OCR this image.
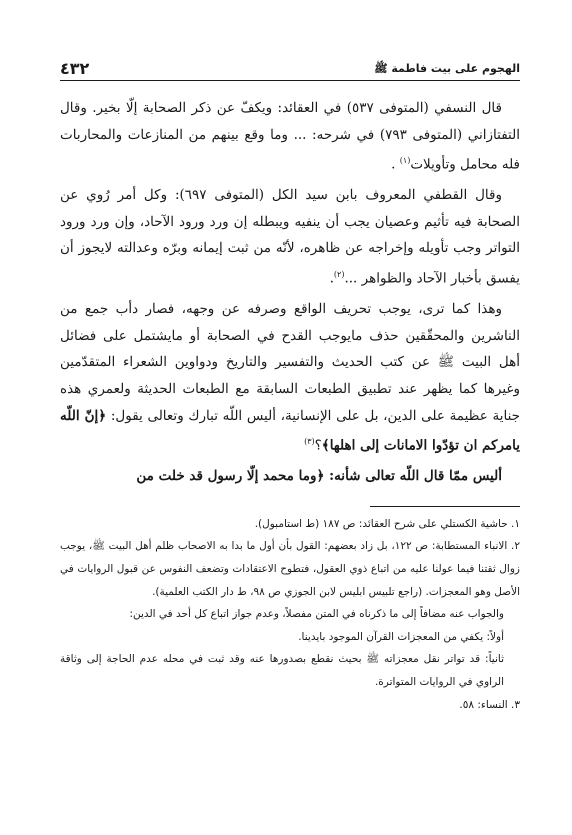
الهجوم على بيت فاطمة ﷺ
٤٣٢

قال النسفي (المتوفى ٥٣٧) في العقائد: ويكفّ عن ذكر الصحابة إلّا بخير. وقال التفتازاني (المتوفى ٧٩٣) في شرحه: ... وما وقع بينهم من المنازعات والمحاربات فله محامل وتأويلات$^{(١)}$ .

وقال القطفي المعروف بابن سيد الكل (المتوفى ٦٩٧): وكل أمر رُوي عن الصحابة فيه تأثيم وعصيان يجب أن ينفيه ويبطله إن ورد ورود الآحاد، وإن ورد ورود التواتر وجب تأويله وإخراجه عن ظاهره، لأنّه من ثبت إيمانه وبرّه وعدالته لايجوز أن يفسق بأخبار الآحاد والظواهر ...$^{(٢)}$.

وهذا كما ترى، يوجب تحريف الواقع وصرفه عن وجهه، فصار دأب جمع من الناشرين والمحقّقين حذف مايوجب القدح في الصحابة أو مايشتمل على فضائل أهل البيت ﷺ عن كتب الحديث والتفسير والتاريخ ودواوين الشعراء المتقدّمين وغيرها كما يظهر عند تطبيق الطبعات السابقة مع الطبعات الحديثة ولعمري هذه جناية عظيمة على الدين، بل على الإنسانية، أليس اللّه تبارك وتعالى يقول: ﴿إنّ اللّه يامركم ان تؤدّوا الامانات إلى اهلها﴾؟$^{(٣)}$

أليس ممّا قال اللّه تعالى شأنه: ﴿وما محمد إلّا رسول قد خلت من

١. حاشية الكستلي على شرح العقائد: ص ١٨٧ (ط استامبول).

٢. الانباء المستطابة: ص ١٢٢، بل زاد بعضهم: القول بأن أول ما بدا به الاصحاب ظلم أهل البيت ﷺ، يوجب زوال ثقتنا فيما عولنا عليه من اتباع ذوي العقول، فتطوح الاعتقادات وتضعف النفوس عن قبول الروايات في الأصل وهو المعجزات. (راجع تلبيس ابليس لابن الجوزي ص ٩٨، ط دار الكتب العلمية).

والجواب عنه مضافاً إلى ما ذكرناه في المتن مفصلاً، وعدم جواز اتباع كل أحد في الدين:

أولاً: يكفي من المعجزات القرآن الموجود بايدينا.

ثانياً: قد تواتر نقل معجزاته ﷺ بحيث نقطع بصدورها عنه وقد ثبت في محله عدم الحاجة إلى وثاقة الراوي في الروايات المتواترة.

٣. النساء: ٥٨.
